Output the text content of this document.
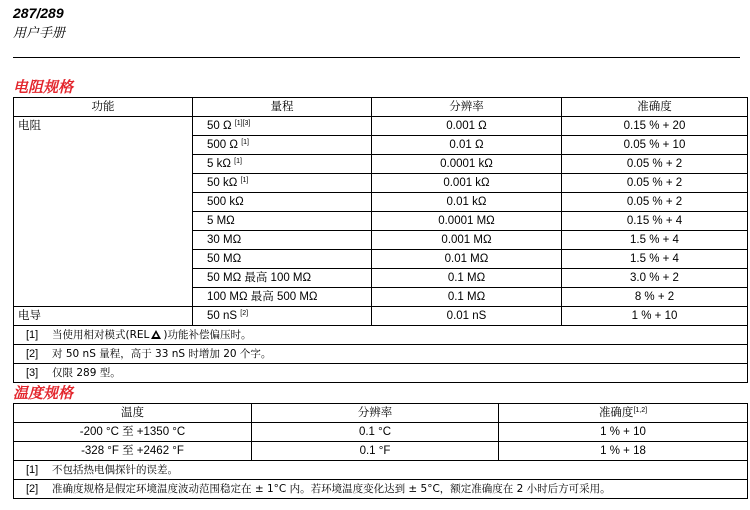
287/289
用户手册
电阻规格
功能	量程	分辨率	准确度
电阻	50 Ω [1][3]	0.001 Ω	0.15 % + 20
	500 Ω [1]	0.01 Ω	0.05 % + 10
	5 kΩ [1]	0.0001 kΩ	0.05 % + 2
	50 kΩ [1]	0.001 kΩ	0.05 % + 2
	500 kΩ	0.01 kΩ	0.05 % + 2
	5 MΩ	0.0001 MΩ	0.15 % + 4
	30 MΩ	0.001 MΩ	1.5 % + 4
	50 MΩ	0.01 MΩ	1.5 % + 4
	50 MΩ 最高 100 MΩ	0.1 MΩ	3.0 % + 2
	100 MΩ 最高 500 MΩ	0.1 MΩ	8 % + 2
电导	50 nS [2]	0.01 nS	1 % + 10
[1] 当使用相对模式(REL )功能补偿偏压时。			
[2] 对 50 nS 量程，高于 33 nS 时增加 20 个字。			
[3] 仅限 289 型。			
温度规格
温度	分辨率	准确度[1,2]
-200 °C 至 +1350 °C	0.1 °C	1 % + 10
-328 °F 至 +2462 °F	0.1 °F	1 % + 18
[1] 不包括热电偶探针的误差。		
[2] 准确度规格是假定环境温度波动范围稳定在 ± 1°C 内。若环境温度变化达到 ± 5°C，额定准确度在 2 小时后方可采用。		
